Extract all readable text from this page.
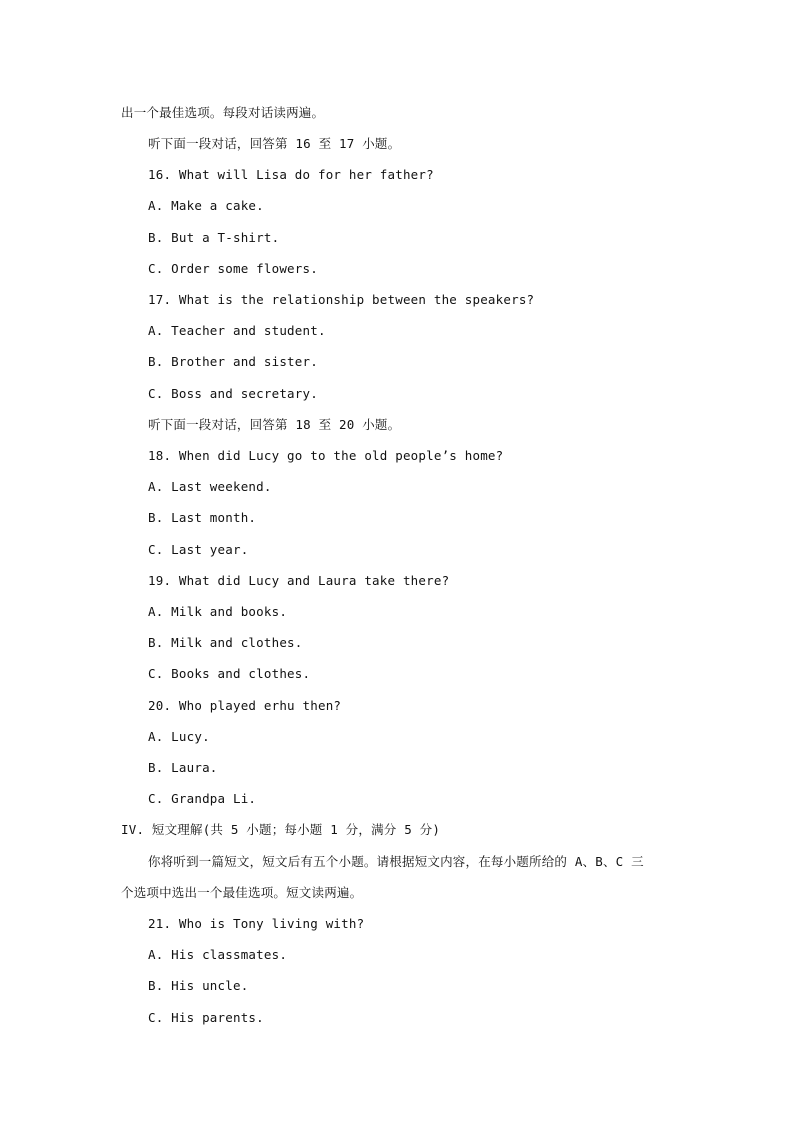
出一个最佳选项。每段对话读两遍。
听下面一段对话，回答第 16 至 17 小题。
16. What will Lisa do for her father?
A. Make a cake.
B. But a T-shirt.
C. Order some flowers.
17. What is the relationship between the speakers?
A. Teacher and student.
B. Brother and sister.
C. Boss and secretary.
听下面一段对话，回答第 18 至 20 小题。
18. When did Lucy go to the old people’s home?
A. Last weekend.
B. Last month.
C. Last year.
19. What did Lucy and Laura take there?
A. Milk and books.
B. Milk and clothes.
C. Books and clothes.
20. Who played erhu then?
A. Lucy.
B. Laura.
C. Grandpa Li.
IV. 短文理解(共 5 小题；每小题 1 分，满分 5 分)
你将听到一篇短文，短文后有五个小题。请根据短文内容，在每小题所给的 A、B、C 三
个选项中选出一个最佳选项。短文读两遍。
21. Who is Tony living with?
A. His classmates.
B. His uncle.
C. His parents.
